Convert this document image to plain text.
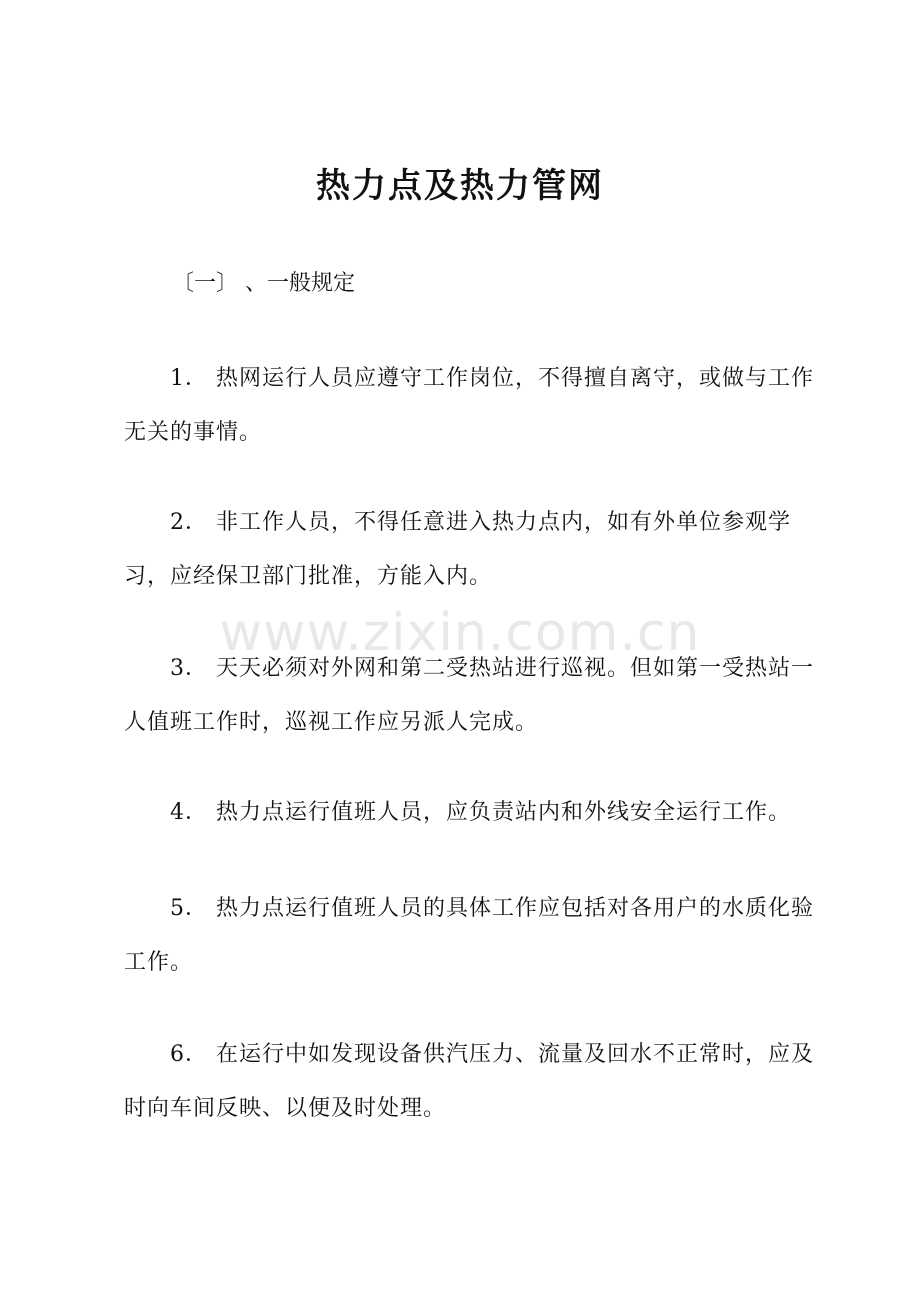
热力点及热力管网
〔一〕 、一般规定
1． 热网运行人员应遵守工作岗位，不得擅自离守，或做与工作无关的事情。
2． 非工作人员，不得任意进入热力点内，如有外单位参观学习，应经保卫部门批准，方能入内。
www.zixin.com.cn
3． 天天必须对外网和第二受热站进行巡视。但如第一受热站一人值班工作时，巡视工作应另派人完成。
4． 热力点运行值班人员，应负责站内和外线安全运行工作。
5． 热力点运行值班人员的具体工作应包括对各用户的水质化验工作。
6． 在运行中如发现设备供汽压力、流量及回水不正常时，应及时向车间反映、以便及时处理。
